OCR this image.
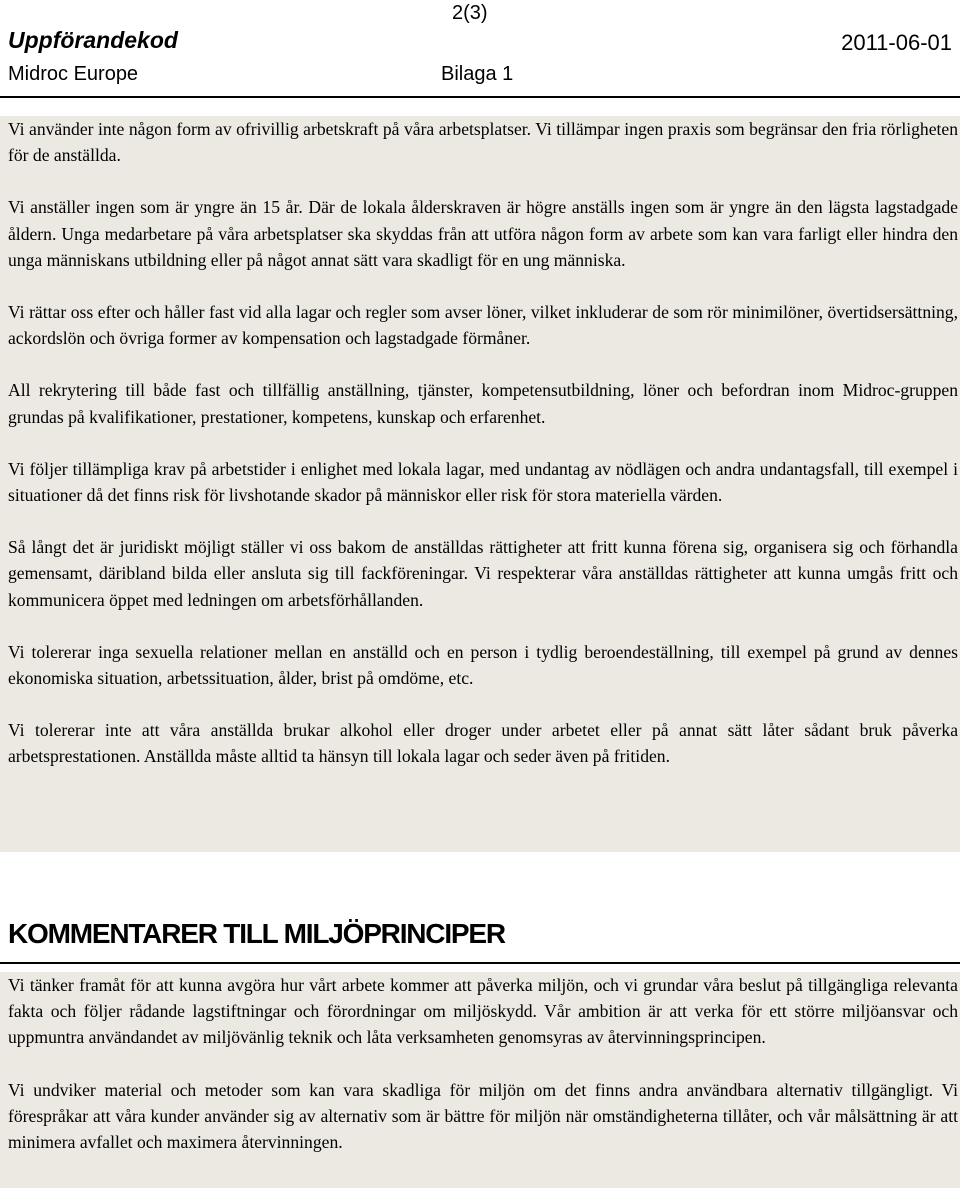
2(3)
Uppförandekod	2011-06-01
Midroc Europe	Bilaga 1

Vi använder inte någon form av ofrivillig arbetskraft på våra arbetsplatser. Vi tillämpar ingen praxis som begränsar den fria rörligheten för de anställda.

Vi anställer ingen som är yngre än 15 år. Där de lokala ålderskraven är högre anställs ingen som är yngre än den lägsta lagstadgade åldern. Unga medarbetare på våra arbetsplatser ska skyddas från att utföra någon form av arbete som kan vara farligt eller hindra den unga människans utbildning eller på något annat sätt vara skadligt för en ung människa.

Vi rättar oss efter och håller fast vid alla lagar och regler som avser löner, vilket inkluderar de som rör minimilöner, övertidsersättning, ackordslön och övriga former av kompensation och lagstadgade förmåner.

All rekrytering till både fast och tillfällig anställning, tjänster, kompetensutbildning, löner och befordran inom Midroc-gruppen grundas på kvalifikationer, prestationer, kompetens, kunskap och erfarenhet.

Vi följer tillämpliga krav på arbetstider i enlighet med lokala lagar, med undantag av nödlägen och andra undantagsfall, till exempel i situationer då det finns risk för livshotande skador på människor eller risk för stora materiella värden.

Så långt det är juridiskt möjligt ställer vi oss bakom de anställdas rättigheter att fritt kunna förena sig, organisera sig och förhandla gemensamt, däribland bilda eller ansluta sig till fackföreningar. Vi respekterar våra anställdas rättigheter att kunna umgås fritt och kommunicera öppet med ledningen om arbetsförhållanden.

Vi tolererar inga sexuella relationer mellan en anställd och en person i tydlig beroendeställning, till exempel på grund av dennes ekonomiska situation, arbetssituation, ålder, brist på omdöme, etc.

Vi tolererar inte att våra anställda brukar alkohol eller droger under arbetet eller på annat sätt låter sådant bruk påverka arbetsprestationen. Anställda måste alltid ta hänsyn till lokala lagar och seder även på fritiden.

KOMMENTARER TILL MILJÖPRINCIPER

Vi tänker framåt för att kunna avgöra hur vårt arbete kommer att påverka miljön, och vi grundar våra beslut på tillgängliga relevanta fakta och följer rådande lagstiftningar och förordningar om miljöskydd. Vår ambition är att verka för ett större miljöansvar och uppmuntra användandet av miljövänlig teknik och låta verksamheten genomsyras av återvinningsprincipen.

Vi undviker material och metoder som kan vara skadliga för miljön om det finns andra användbara alternativ tillgängligt. Vi förespråkar att våra kunder använder sig av alternativ som är bättre för miljön när omständigheterna tillåter, och vår målsättning är att minimera avfallet och maximera återvinningen.
